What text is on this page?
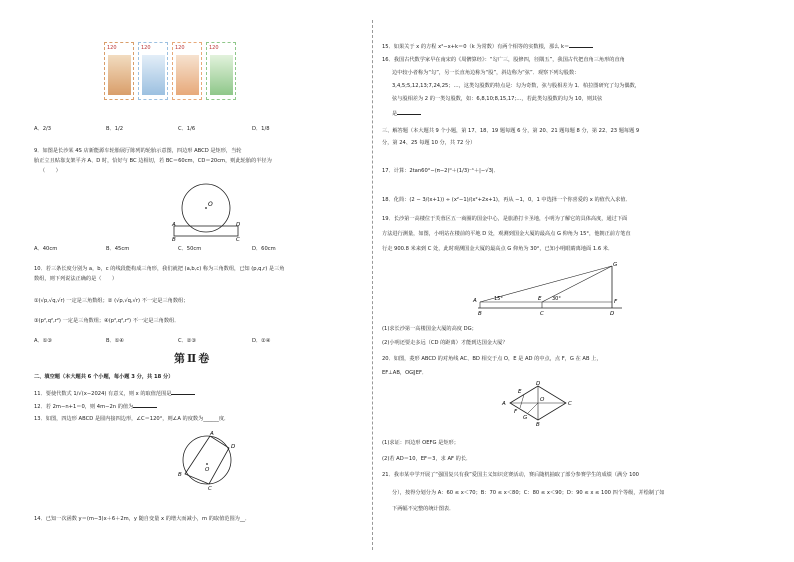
120	120	120	120
A．2/3	B．1/2	C．1/6	D．1/8
9．如图是长沙某 4S 店新能源车轮胎展厅陈列的轮胎示意图，四边形 ABCD 是矩形，当轮
胎正立且贴靠支架平齐 A、D 时，恰好与 BC 边相切，若 BC＝60cm，CD＝20cm，则此轮胎的半径为
（　　）
O
A
B	C
D
A．40cm	B．45cm	C．50cm	D．60cm
10．若三条长度分别为 a，b，c 的线段能构成三角形，我们就把 (a,b,c) 称为三角数组，已知 (p,q,r) 是三角
数组，则下列说法正确的是（　　）
①(√p,√q,√r) 一定是三角数组；② (√p,√q,√r) 不一定是三角数组；
③(p²,q²,r²) 一定是三角数组；④(p²,q²,r²) 不一定是三角数组．
A．①③	B．①④	C．②③	D．②④
第Ⅱ卷
二、填空题（本大题共 6 个小题，每小题 3 分，共 18 分）
11．要使代数式 1/√(x−2024) 有意义，则 x 的取值范围是
12．若 2m−n+1＝0，则 4m−2n 的值为
13．如图，四边形 ABCD 是圆内接四边形，∠C＝120°，则∠A 的度数为______度．
A
B
C
D
O
14．已知一次函数 y＝(m−3)x＋6＋2m，y 随自变量 x 的增大而减小，m 的取值范围为__．
15．如果关于 x 的方程 x²−x+k＝0（k 为常数）有两个相等的实数根，那么 k＝
16．我国古代数学家早在南宋的《周髀算经》：“勾广三，股修四，径隅五”，我国古代把直角三角形的直角
边中较小者称为“勾”，另一长直角边称为“股”，斜边称为“弦”．观察下列勾股数：
3,4,5;5,12,13;7,24,25；…，这类勾股数的特点是：勾为奇数，弦与股相差为 1．柏拉图研究了勾为偶数，
弦与股相差为 2 的一类勾股数，如：6,8,10;8,15,17;…，若此类勾股数的勾为 10，则其弦
是
三、解答题（本大题共 9 个小题，第 17、18、19 题每题 6 分，第 20、21 题每题 8 分，第 22、23 题每题 9
分，第 24、25 每题 10 分，共 72 分）
17．计算：2tan60°−(π−2)⁰＋(1/3)⁻¹＋|−√3|．
18．化简：(2 − 3/(x+1)) ÷ (x²−1)/(x²+2x+1)，再从 −1，0，1 中选择一个你喜爱的 x 的值代入求值．
19．长沙第一高楼位于芙蓉区五一商圈的国金中心，是旅游打卡圣地，小明为了解它的具体高度，通过下面
方法进行测量，如图，小明站在楼前的平地 D 处，观测到国金大厦的最高点 G 仰角为 15°，他朝正前方笔直
行走 900.8 米来到 C 处，此时观测国金大厦的最高点 G 仰角为 30°，已知小明眼睛离地面 1.6 米．
G
A	E	F
B	C	D
15°	30°
(1)求长沙第一高楼国金大厦的高度 DG；
(2)小明还要走多远（CD 的距离）才能到达国金大厦？
20．如图，菱形 ABCD 的对角线 AC、BD 相交于点 O，E 是 AD 的中点，点 F，G 在 AB 上，
EF⊥AB，OG∥EF．
A
B
C
D
E
F
G
O
(1)求证：四边形 OEFG 是矩形；
(2)若 AD＝10，EF＝3，求 AF 的长．
21．我市某中学开展了“强国复兴有我”爱国主义知识竞赛活动，赛后随机抽取了部分参赛学生的成绩（满分 100
分），按得分划分为 A：60 ≤ x＜70；B：70 ≤ x＜80；C：80 ≤ x＜90；D：90 ≤ x ≤ 100 四个等级，并绘制了如
下两幅不完整的统计图表．
